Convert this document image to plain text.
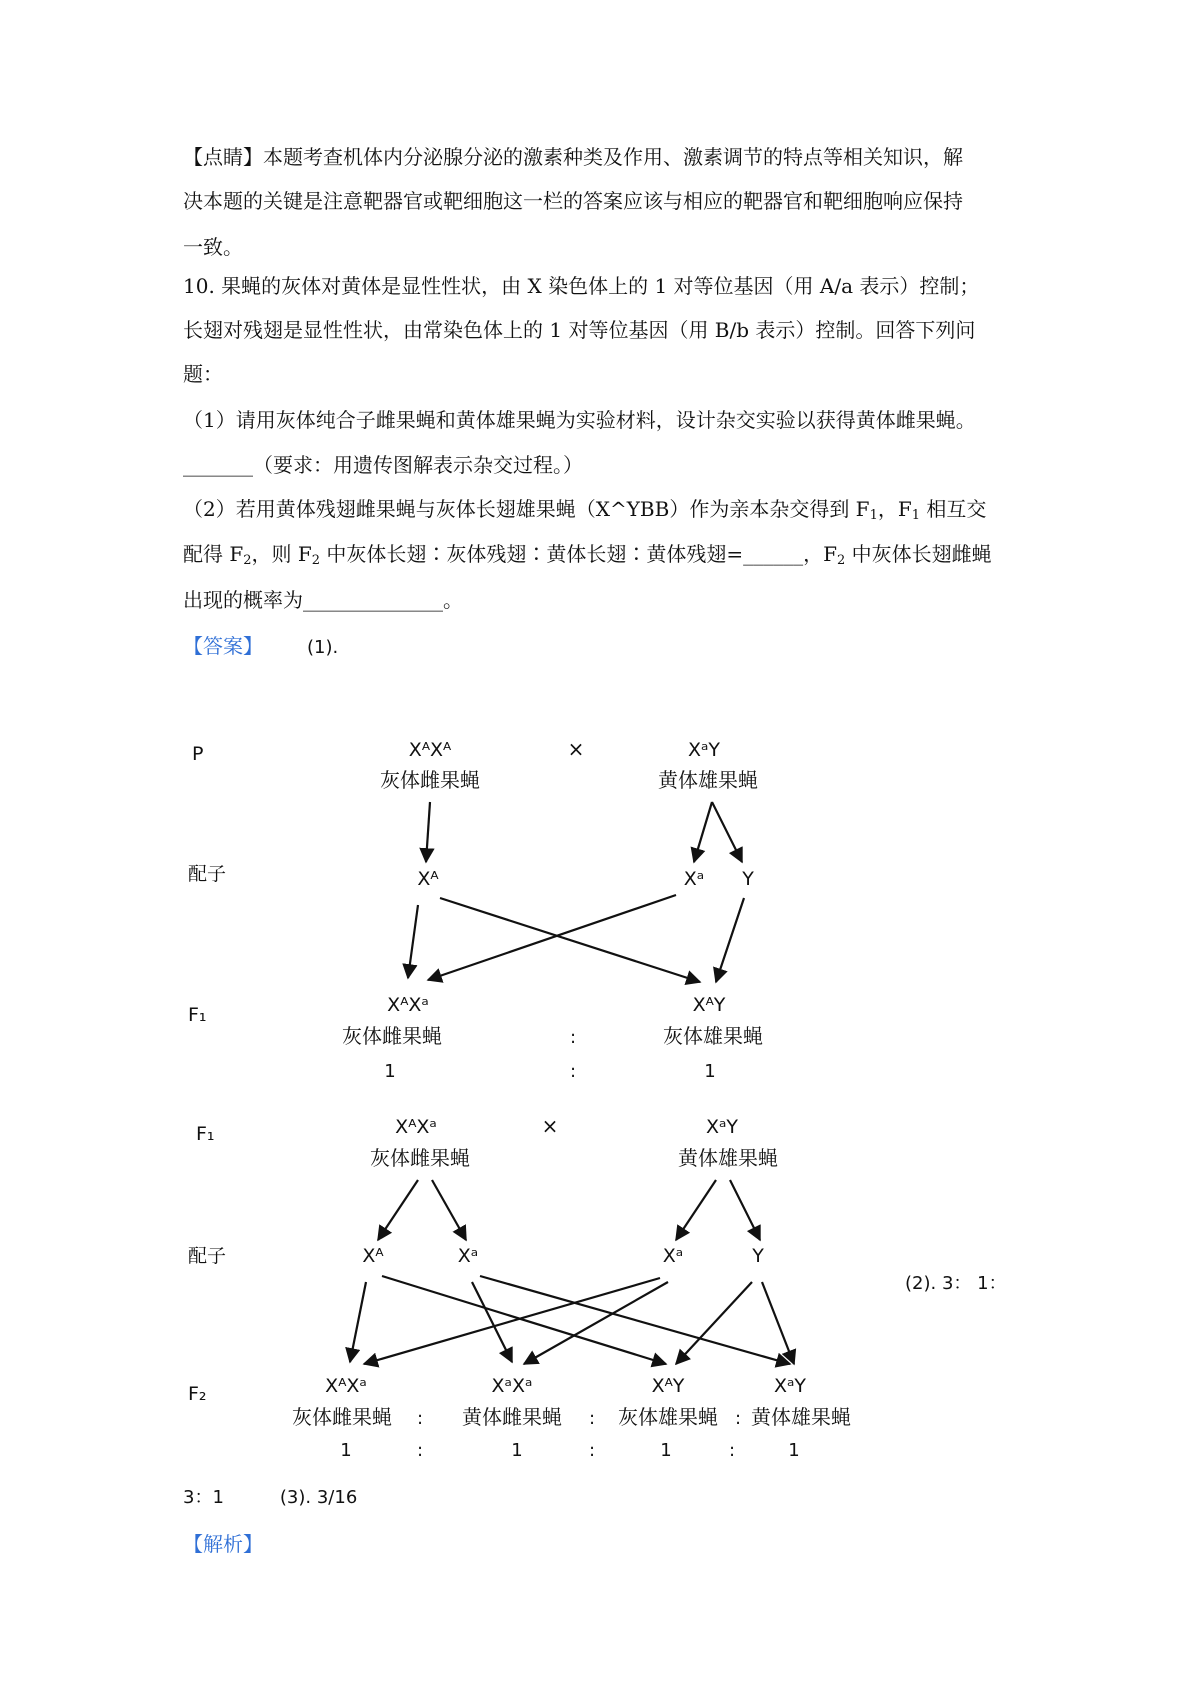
【点睛】本题考查机体内分泌腺分泌的激素种类及作用、激素调节的特点等相关知识，解
决本题的关键是注意靶器官或靶细胞这一栏的答案应该与相应的靶器官和靶细胞响应保持
一致。
10. 果蝇的灰体对黄体是显性性状，由 X 染色体上的 1 对等位基因（用 A/a 表示）控制；
长翅对残翅是显性性状，由常染色体上的 1 对等位基因（用 B/b 表示）控制。回答下列问
题：
（1）请用灰体纯合子雌果蝇和黄体雄果蝇为实验材料，设计杂交实验以获得黄体雌果蝇。
_______（要求：用遗传图解表示杂交过程。）
（2）若用黄体残翅雌果蝇与灰体长翅雄果蝇（X^YBB）作为亲本杂交得到 $F_1$，$F_1$ 相互交
配得 $F_2$，则 $F_2$ 中灰体长翅∶灰体残翅∶黄体长翅∶黄体残翅=______，$F_2$ 中灰体长翅雌蝇
出现的概率为______________。
【答案】 (1).
(2). 3： 1：
3：1	(3). 3/16
【解析】
P
配子
F₁
XᴬXᴬ
灰体雌果蝇
×	XᵃY
黄体雄果蝇
Xᴬ	Xᵃ Y
XᴬXᵃ
灰体雌果蝇	:
XᴬY
灰体雄果蝇
1	:	1
F₁
配子
F₂
XᴬXᵃ
灰体雌果蝇
×	XᵃY
黄体雄果蝇
Xᴬ	Xᵃ	Xᵃ	Y
XᴬXᵃ	XᵃXᵃ	XᴬY	XᵃY
灰体雌果蝇 : 黄体雌果蝇 : 灰体雄果蝇 : 黄体雄果蝇
1	:	1	:	1	:	1
